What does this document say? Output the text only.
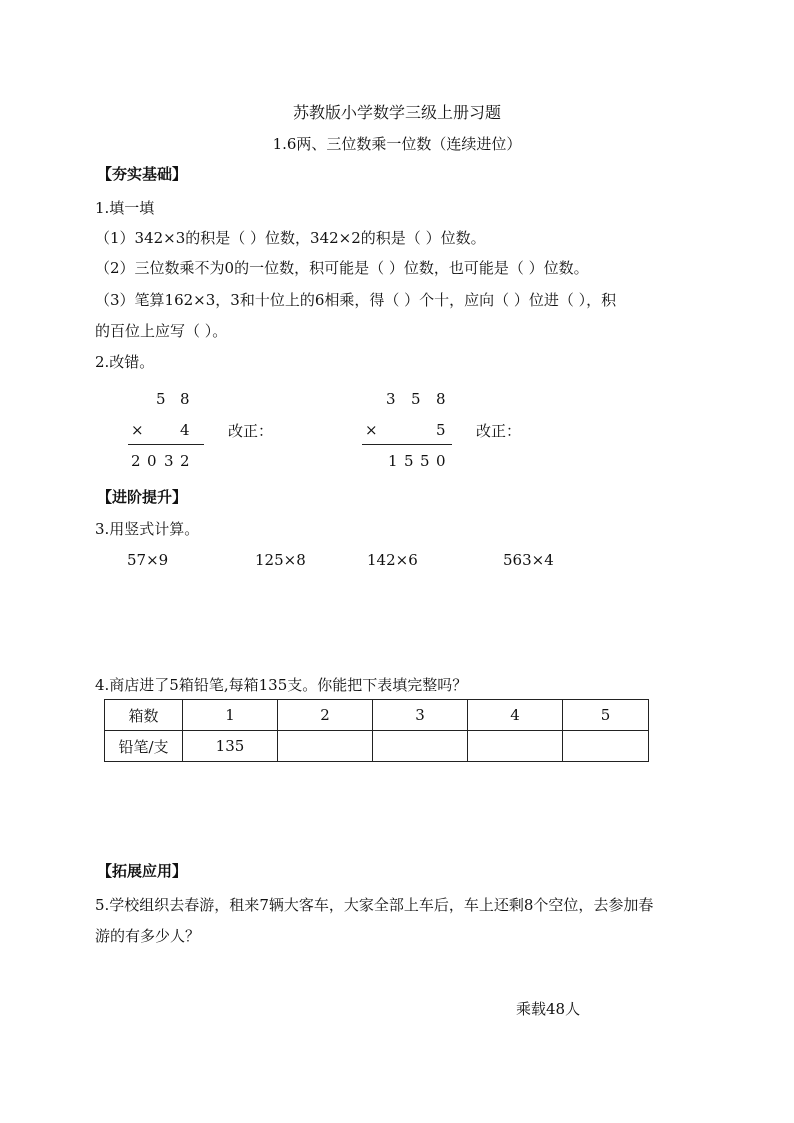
苏教版小学数学三级上册习题
1.6两、三位数乘一位数（连续进位）
【夯实基础】
1.填一填
（1）342×3的积是（ ）位数，342×2的积是（ ）位数。
（2）三位数乘不为0的一位数，积可能是（ ）位数，也可能是（ ）位数。
（3）笔算162×3，3和十位上的6相乘，得（ ）个十，应向（ ）位进（ ），积
的百位上应写（ ）。
2.改错。
5 8
× 4
2 0 3 2
改正：
3 5 8
×	5
1 5 5 0
改正：
【进阶提升】
3.用竖式计算。
57×9	125×8	142×6	563×4
4.商店进了5箱铅笔,每箱135支。你能把下表填完整吗？
箱数	1	2	3	4	5
铅笔/支	135				
【拓展应用】
5.学校组织去春游，租来7辆大客车，大家全部上车后，车上还剩8个空位，去参加春
游的有多少人？
乘载48人
